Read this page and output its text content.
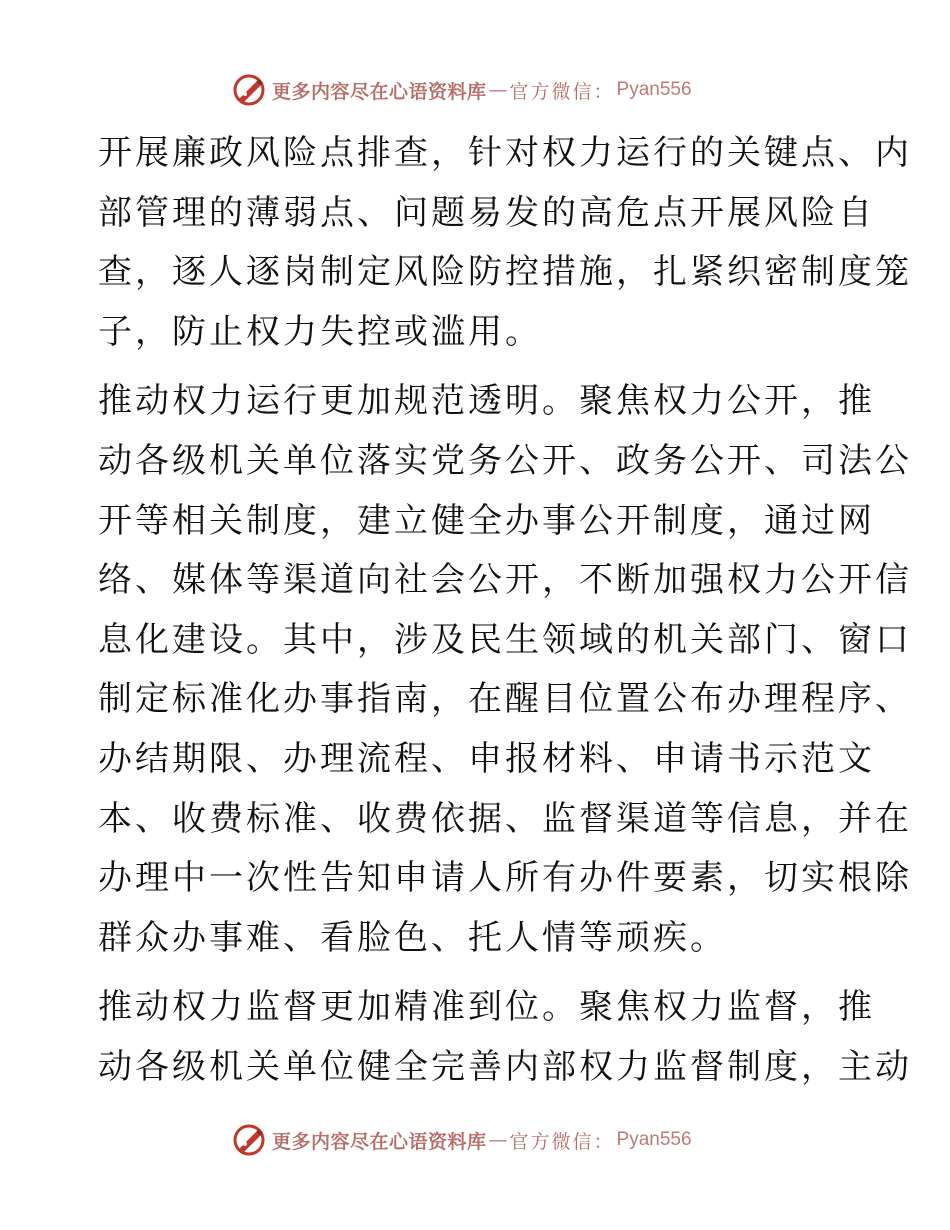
更多内容尽在心语资料库 — 官方微信： Pyan556
开展廉政风险点排查，针对权力运行的关键点、内
部管理的薄弱点、问题易发的高危点开展风险自
查，逐人逐岗制定风险防控措施，扎紧织密制度笼
子，防止权力失控或滥用。
推动权力运行更加规范透明。聚焦权力公开，推
动各级机关单位落实党务公开、政务公开、司法公
开等相关制度，建立健全办事公开制度，通过网
络、媒体等渠道向社会公开，不断加强权力公开信
息化建设。其中，涉及民生领域的机关部门、窗口
制定标准化办事指南，在醒目位置公布办理程序、
办结期限、办理流程、申报材料、申请书示范文
本、收费标准、收费依据、监督渠道等信息，并在
办理中一次性告知申请人所有办件要素，切实根除
群众办事难、看脸色、托人情等顽疾。
推动权力监督更加精准到位。聚焦权力监督，推
动各级机关单位健全完善内部权力监督制度，主动
更多内容尽在心语资料库 — 官方微信： Pyan556
